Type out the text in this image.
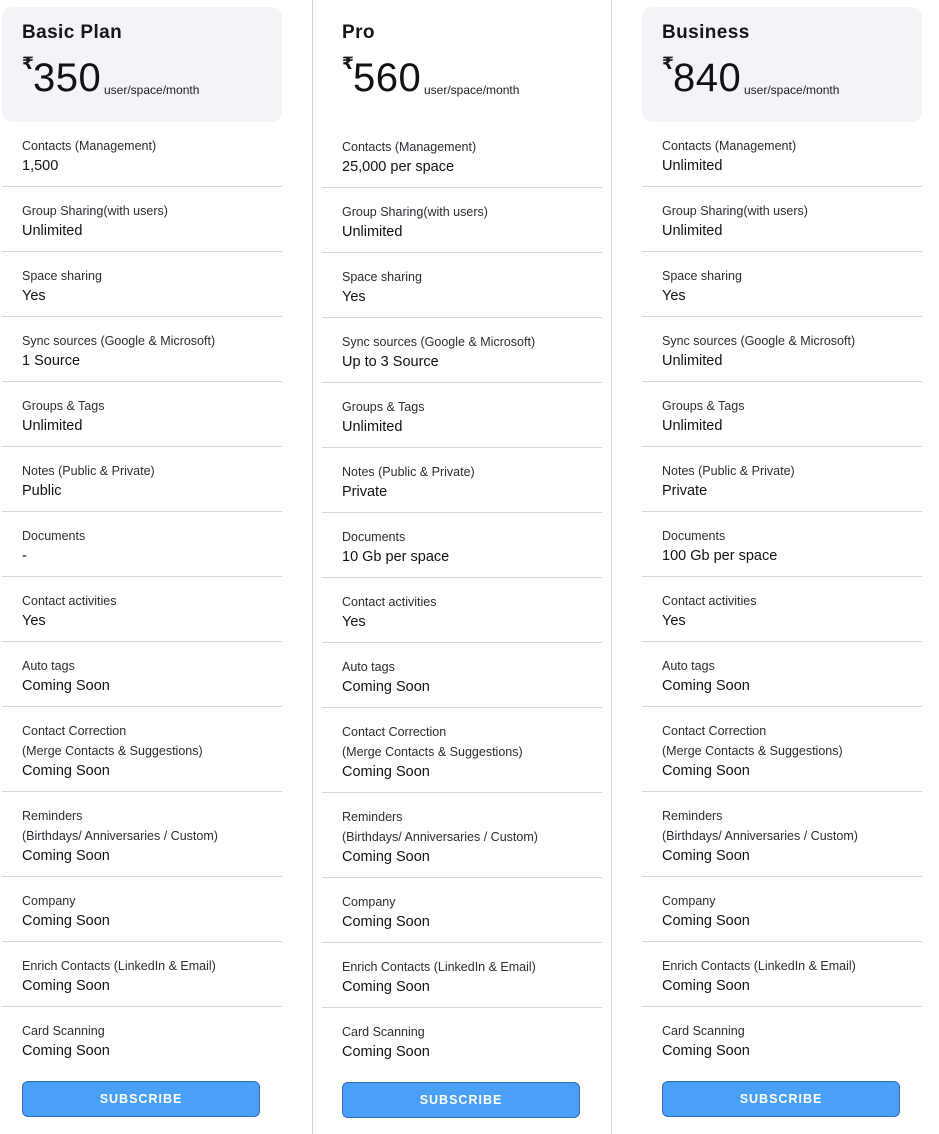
Basic Plan
₹ 350 user/space/month
Contacts (Management)
1,500
Group Sharing(with users)
Unlimited
Space sharing
Yes
Sync sources (Google & Microsoft)
1 Source
Groups & Tags
Unlimited
Notes (Public & Private)
Public
Documents
-
Contact activities
Yes
Auto tags
Coming Soon
Contact Correction
(Merge Contacts & Suggestions)
Coming Soon
Reminders
(Birthdays/ Anniversaries / Custom)
Coming Soon
Company
Coming Soon
Enrich Contacts (LinkedIn & Email)
Coming Soon
Card Scanning
Coming Soon
Pro
₹ 560 user/space/month
Contacts (Management)
25,000 per space
Group Sharing(with users)
Unlimited
Space sharing
Yes
Sync sources (Google & Microsoft)
Up to 3 Source
Groups & Tags
Unlimited
Notes (Public & Private)
Private
Documents
10 Gb per space
Contact activities
Yes
Auto tags
Coming Soon
Contact Correction
(Merge Contacts & Suggestions)
Coming Soon
Reminders
(Birthdays/ Anniversaries / Custom)
Coming Soon
Company
Coming Soon
Enrich Contacts (LinkedIn & Email)
Coming Soon
Card Scanning
Coming Soon
Business
₹ 840 user/space/month
Contacts (Management)
Unlimited
Group Sharing(with users)
Unlimited
Space sharing
Yes
Sync sources (Google & Microsoft)
Unlimited
Groups & Tags
Unlimited
Notes (Public & Private)
Private
Documents
100 Gb per space
Contact activities
Yes
Auto tags
Coming Soon
Contact Correction
(Merge Contacts & Suggestions)
Coming Soon
Reminders
(Birthdays/ Anniversaries / Custom)
Coming Soon
Company
Coming Soon
Enrich Contacts (LinkedIn & Email)
Coming Soon
Card Scanning
Coming Soon
SUBSCRIBE	SUBSCRIBE	SUBSCRIBE
